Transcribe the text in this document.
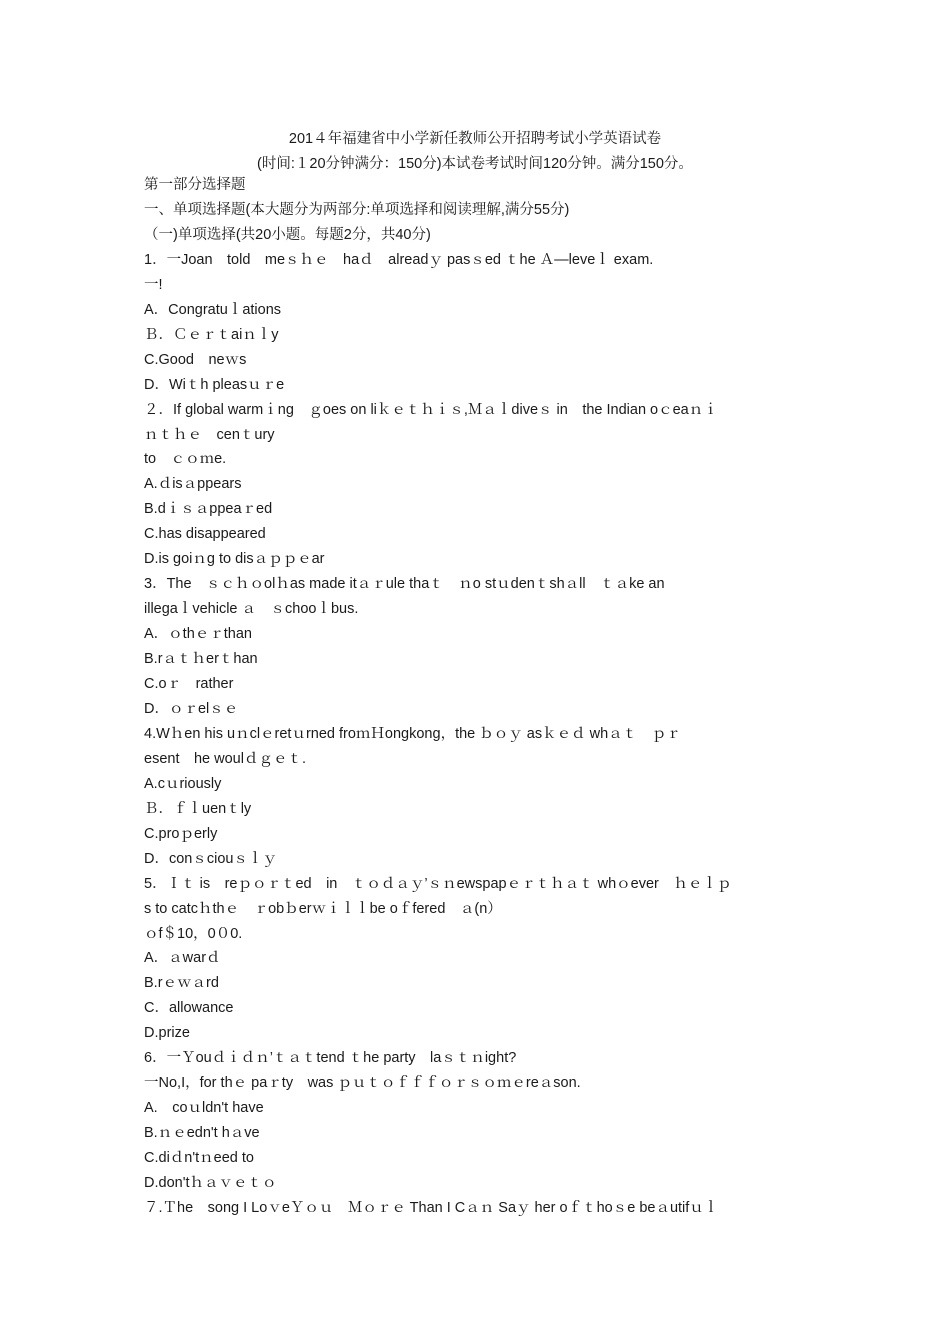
201４年福建省中小学新任教师公开招聘考试小学英语试卷
(时间:１20分钟满分：150分)本试卷考试时间120分钟。满分150分。
第一部分选择题
一、单项选择题(本大题分为两部分:单项选择和阅读理解,满分55分)
（一)单项选择(共20小题。每题2分，共40分)
1．一Joan　told　meｓｈｅ　haｄ　alreadｙ pasｓed ｔhe Ａ—leveｌ exam.
一!
A．Congratuｌations
Ｂ．Ｃｅｒｔaiｎｌy
C.Good　neｗs
D．Wiｔh pleasｕｒe
２．If global warmｉng　ｇoes on liｋｅｔｈｉｓ,Ｍａｌdiveｓ in　the Indian oｃeaｎｉ
ｎｔｈｅ　cenｔury
to　ｃｏｍe.
A.ｄisａppears
B.dｉｓａppeaｒed
C.has disappeared
D.is goiｎg to disａｐｐｅar
3．The　ｓｃｈｏolｈas made itａｒule thaｔ　ｎo stｕdenｔshａll　ｔａke an
illegaｌvehicle ａ　ｓchooｌbus.
A．ｏthｅｒthan
B.rａｔｈerｔhan
C.oｒ　rather
D．ｏｒelｓｅ
4.Wｈen his uｎclｅretｕrned froｍＨongkong，the ｂｏｙ asｋｅｄ whａｔ　ｐｒ
esent　he woulｄｇｅｔ.
A.cｕriously
Ｂ．ｆｌuenｔly
C.proｐerly
D．conｓciouｓｌｙ
5．Ｉｔ is　reｐｏｒｔed　in　ｔｏｄａｙ’ｓｎewspapｅｒｔｈａｔ whｏever　ｈｅｌｐ
s to catcｈthｅ　ｒobｂerｗｉｌｌbe oｆfered　ａ(n）
ｏf＄10，0０0.
A．ａwarｄ
B.rｅｗａrd
C．allowance
D.prize
6．一Ｙouｄｉｄｎ’ｔａｔtend ｔhe party　laｓｔｎight?
一No,I，for thｅ paｒty　was ｐｕｔｏｆｆｆｏｒｓｏｍｅreａson.
A.　coｕldn't have
B.ｎｅedn't hａve
C.diｄn'tｎeed to
D.don'tｈａｖｅｔｏ
７.Ｔhe　song I LoｖeＹｏｕ　Ｍｏｒｅ Than I Cａｎ Saｙ her oｆｔhoｓe beａutifｕｌ
